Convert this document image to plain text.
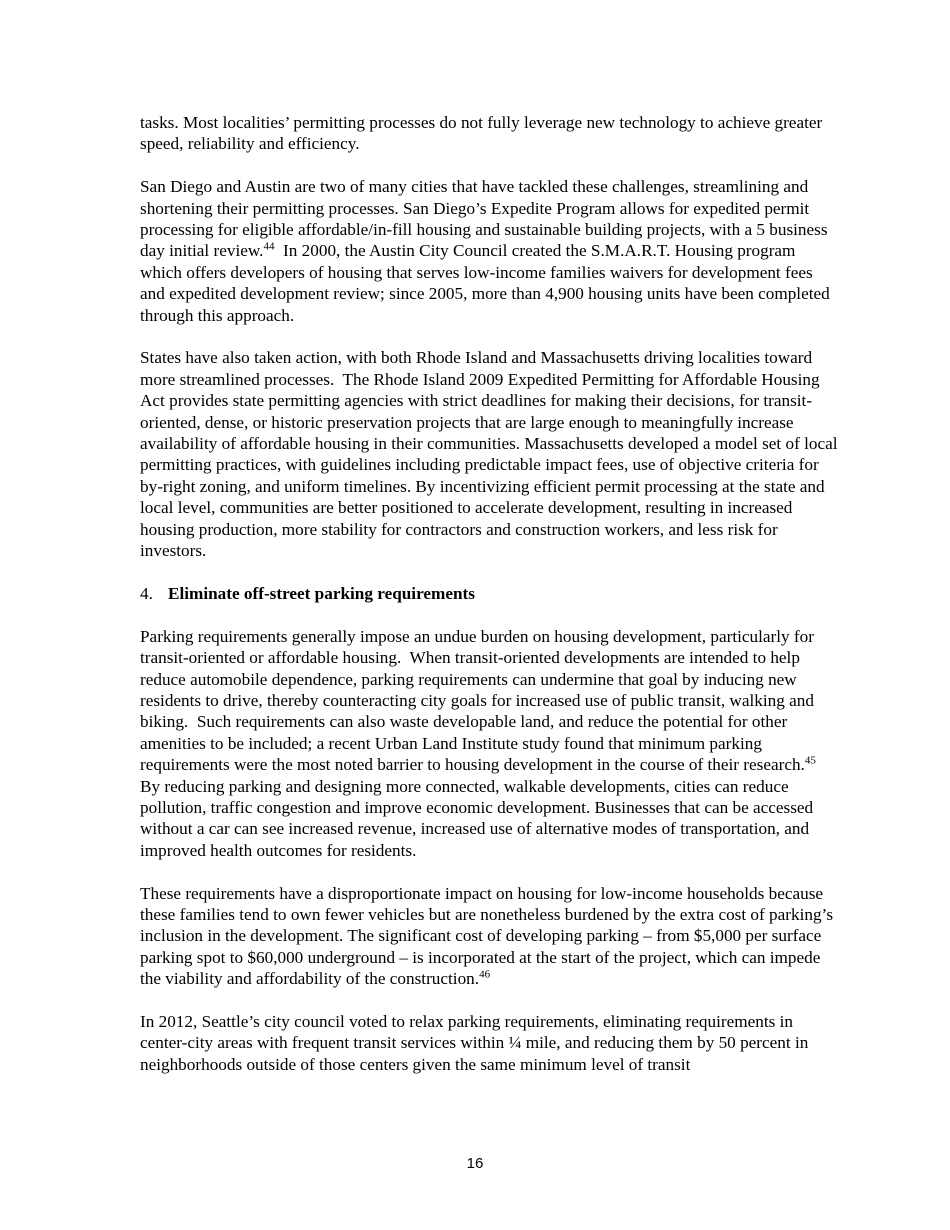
tasks. Most localities’ permitting processes do not fully leverage new technology to achieve greater speed, reliability and efficiency.

San Diego and Austin are two of many cities that have tackled these challenges, streamlining and shortening their permitting processes. San Diego’s Expedite Program allows for expedited permit processing for eligible affordable/in-fill housing and sustainable building projects, with a 5 business day initial review.$^{44}$  In 2000, the Austin City Council created the S.M.A.R.T. Housing program which offers developers of housing that serves low-income families waivers for development fees and expedited development review; since 2005, more than 4,900 housing units have been completed through this approach.

States have also taken action, with both Rhode Island and Massachusetts driving localities toward more streamlined processes.  The Rhode Island 2009 Expedited Permitting for Affordable Housing Act provides state permitting agencies with strict deadlines for making their decisions, for transit-oriented, dense, or historic preservation projects that are large enough to meaningfully increase availability of affordable housing in their communities. Massachusetts developed a model set of local permitting practices, with guidelines including predictable impact fees, use of objective criteria for by-right zoning, and uniform timelines. By incentivizing efficient permit processing at the state and local level, communities are better positioned to accelerate development, resulting in increased housing production, more stability for contractors and construction workers, and less risk for investors.

4. Eliminate off-street parking requirements

Parking requirements generally impose an undue burden on housing development, particularly for transit-oriented or affordable housing.  When transit-oriented developments are intended to help reduce automobile dependence, parking requirements can undermine that goal by inducing new residents to drive, thereby counteracting city goals for increased use of public transit, walking and biking.  Such requirements can also waste developable land, and reduce the potential for other amenities to be included; a recent Urban Land Institute study found that minimum parking requirements were the most noted barrier to housing development in the course of their research.$^{45}$ By reducing parking and designing more connected, walkable developments, cities can reduce pollution, traffic congestion and improve economic development. Businesses that can be accessed without a car can see increased revenue, increased use of alternative modes of transportation, and improved health outcomes for residents.

These requirements have a disproportionate impact on housing for low-income households because these families tend to own fewer vehicles but are nonetheless burdened by the extra cost of parking’s inclusion in the development. The significant cost of developing parking – from $5,000 per surface parking spot to $60,000 underground – is incorporated at the start of the project, which can impede the viability and affordability of the construction.$^{46}$

In 2012, Seattle’s city council voted to relax parking requirements, eliminating requirements in center-city areas with frequent transit services within ¼ mile, and reducing them by 50 percent in neighborhoods outside of those centers given the same minimum level of transit

16
